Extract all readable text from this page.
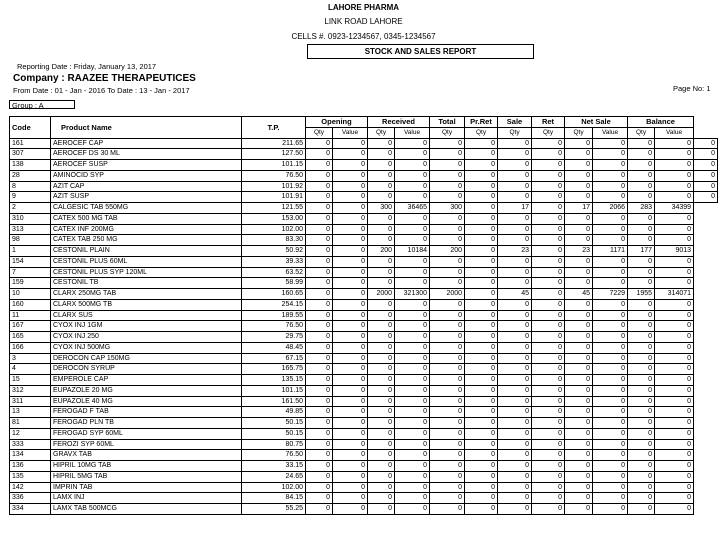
LAHORE PHARMA
LINK ROAD LAHORE
CELLS #. 0923-1234567, 0345-1234567
STOCK AND SALES REPORT
Reporting Date : Friday, January 13, 2017
Company : RAAZEE THERAPEUTICES
From Date : 01 - Jan - 2016 To Date : 13 - Jan - 2017	Page No: 1
Group : A
Code	Product Name	T.P.	Opening		Received		Total	Pr.Ret	Sale	Ret	Net Sale		Balance		
			Qty	Value	Qty	Value	Qty	Qty	Qty	Qty	Qty	Value	Qty	Value	
161	AEROCEF CAP	211.65	0	0	0	0	0	0	0	0	0	0	0	0	0
307	AEROCEF DS 30 ML	127.50	0	0	0	0	0	0	0	0	0	0	0	0	0
138	AEROCEF SUSP	101.15	0	0	0	0	0	0	0	0	0	0	0	0	0
28	AMINOCID SYP	76.50	0	0	0	0	0	0	0	0	0	0	0	0	0
8	AZIT CAP	101.92	0	0	0	0	0	0	0	0	0	0	0	0	0
9	AZIT SUSP	101.91	0	0	0	0	0	0	0	0	0	0	0	0	0
2	CALGESIC TAB 550MG	121.55	0	0	300	36465	300	0	17	0	17	2066	283	34399	
310	CATEX 500 MG TAB	153.00	0	0	0	0	0	0	0	0	0	0	0	0	
313	CATEX INF 200MG	102.00	0	0	0	0	0	0	0	0	0	0	0	0	
98	CATEX TAB 250 MG	83.30	0	0	0	0	0	0	0	0	0	0	0	0	
1	CESTONIL PLAIN	50.92	0	0	200	10184	200	0	23	0	23	1171	177	9013	
154	CESTONIL PLUS 60ML	39.33	0	0	0	0	0	0	0	0	0	0	0	0	
7	CESTONIL PLUS SYP 120ML	63.52	0	0	0	0	0	0	0	0	0	0	0	0	
159	CESTONIL TB	58.99	0	0	0	0	0	0	0	0	0	0	0	0	
10	CLARX 250MG TAB	160.65	0	0	2000	321300	2000	0	45	0	45	7229	1955	314071	
160	CLARX 500MG TB	254.15	0	0	0	0	0	0	0	0	0	0	0	0	
11	CLARX SUS	189.55	0	0	0	0	0	0	0	0	0	0	0	0	
167	CYOX INJ 1GM	76.50	0	0	0	0	0	0	0	0	0	0	0	0	
165	CYOX INJ 250	29.75	0	0	0	0	0	0	0	0	0	0	0	0	
166	CYOX INJ 500MG	48.45	0	0	0	0	0	0	0	0	0	0	0	0	
3	DEROCON CAP 150MG	67.15	0	0	0	0	0	0	0	0	0	0	0	0	
4	DEROCON SYRUP	165.75	0	0	0	0	0	0	0	0	0	0	0	0	
15	EMPEROLE CAP	135.15	0	0	0	0	0	0	0	0	0	0	0	0	
312	EUPAZOLE 20 MG	101.15	0	0	0	0	0	0	0	0	0	0	0	0	
311	EUPAZOLE 40 MG	161.50	0	0	0	0	0	0	0	0	0	0	0	0	
13	FEROGAD F TAB	49.85	0	0	0	0	0	0	0	0	0	0	0	0	
81	FEROGAD PLN TB	50.15	0	0	0	0	0	0	0	0	0	0	0	0	
12	FEROGAD SYP 60ML	50.15	0	0	0	0	0	0	0	0	0	0	0	0	
333	FEROZI SYP 60ML	80.75	0	0	0	0	0	0	0	0	0	0	0	0	
134	GRAVX TAB	76.50	0	0	0	0	0	0	0	0	0	0	0	0	
136	HIPRIL 10MG TAB	33.15	0	0	0	0	0	0	0	0	0	0	0	0	
135	HIPRIL 5MG TAB	24.65	0	0	0	0	0	0	0	0	0	0	0	0	
142	IMPRIN TAB	102.00	0	0	0	0	0	0	0	0	0	0	0	0	
336	LAMX INJ	84.15	0	0	0	0	0	0	0	0	0	0	0	0	
334	LAMX TAB 500MCG	55.25	0	0	0	0	0	0	0	0	0	0	0	0	
